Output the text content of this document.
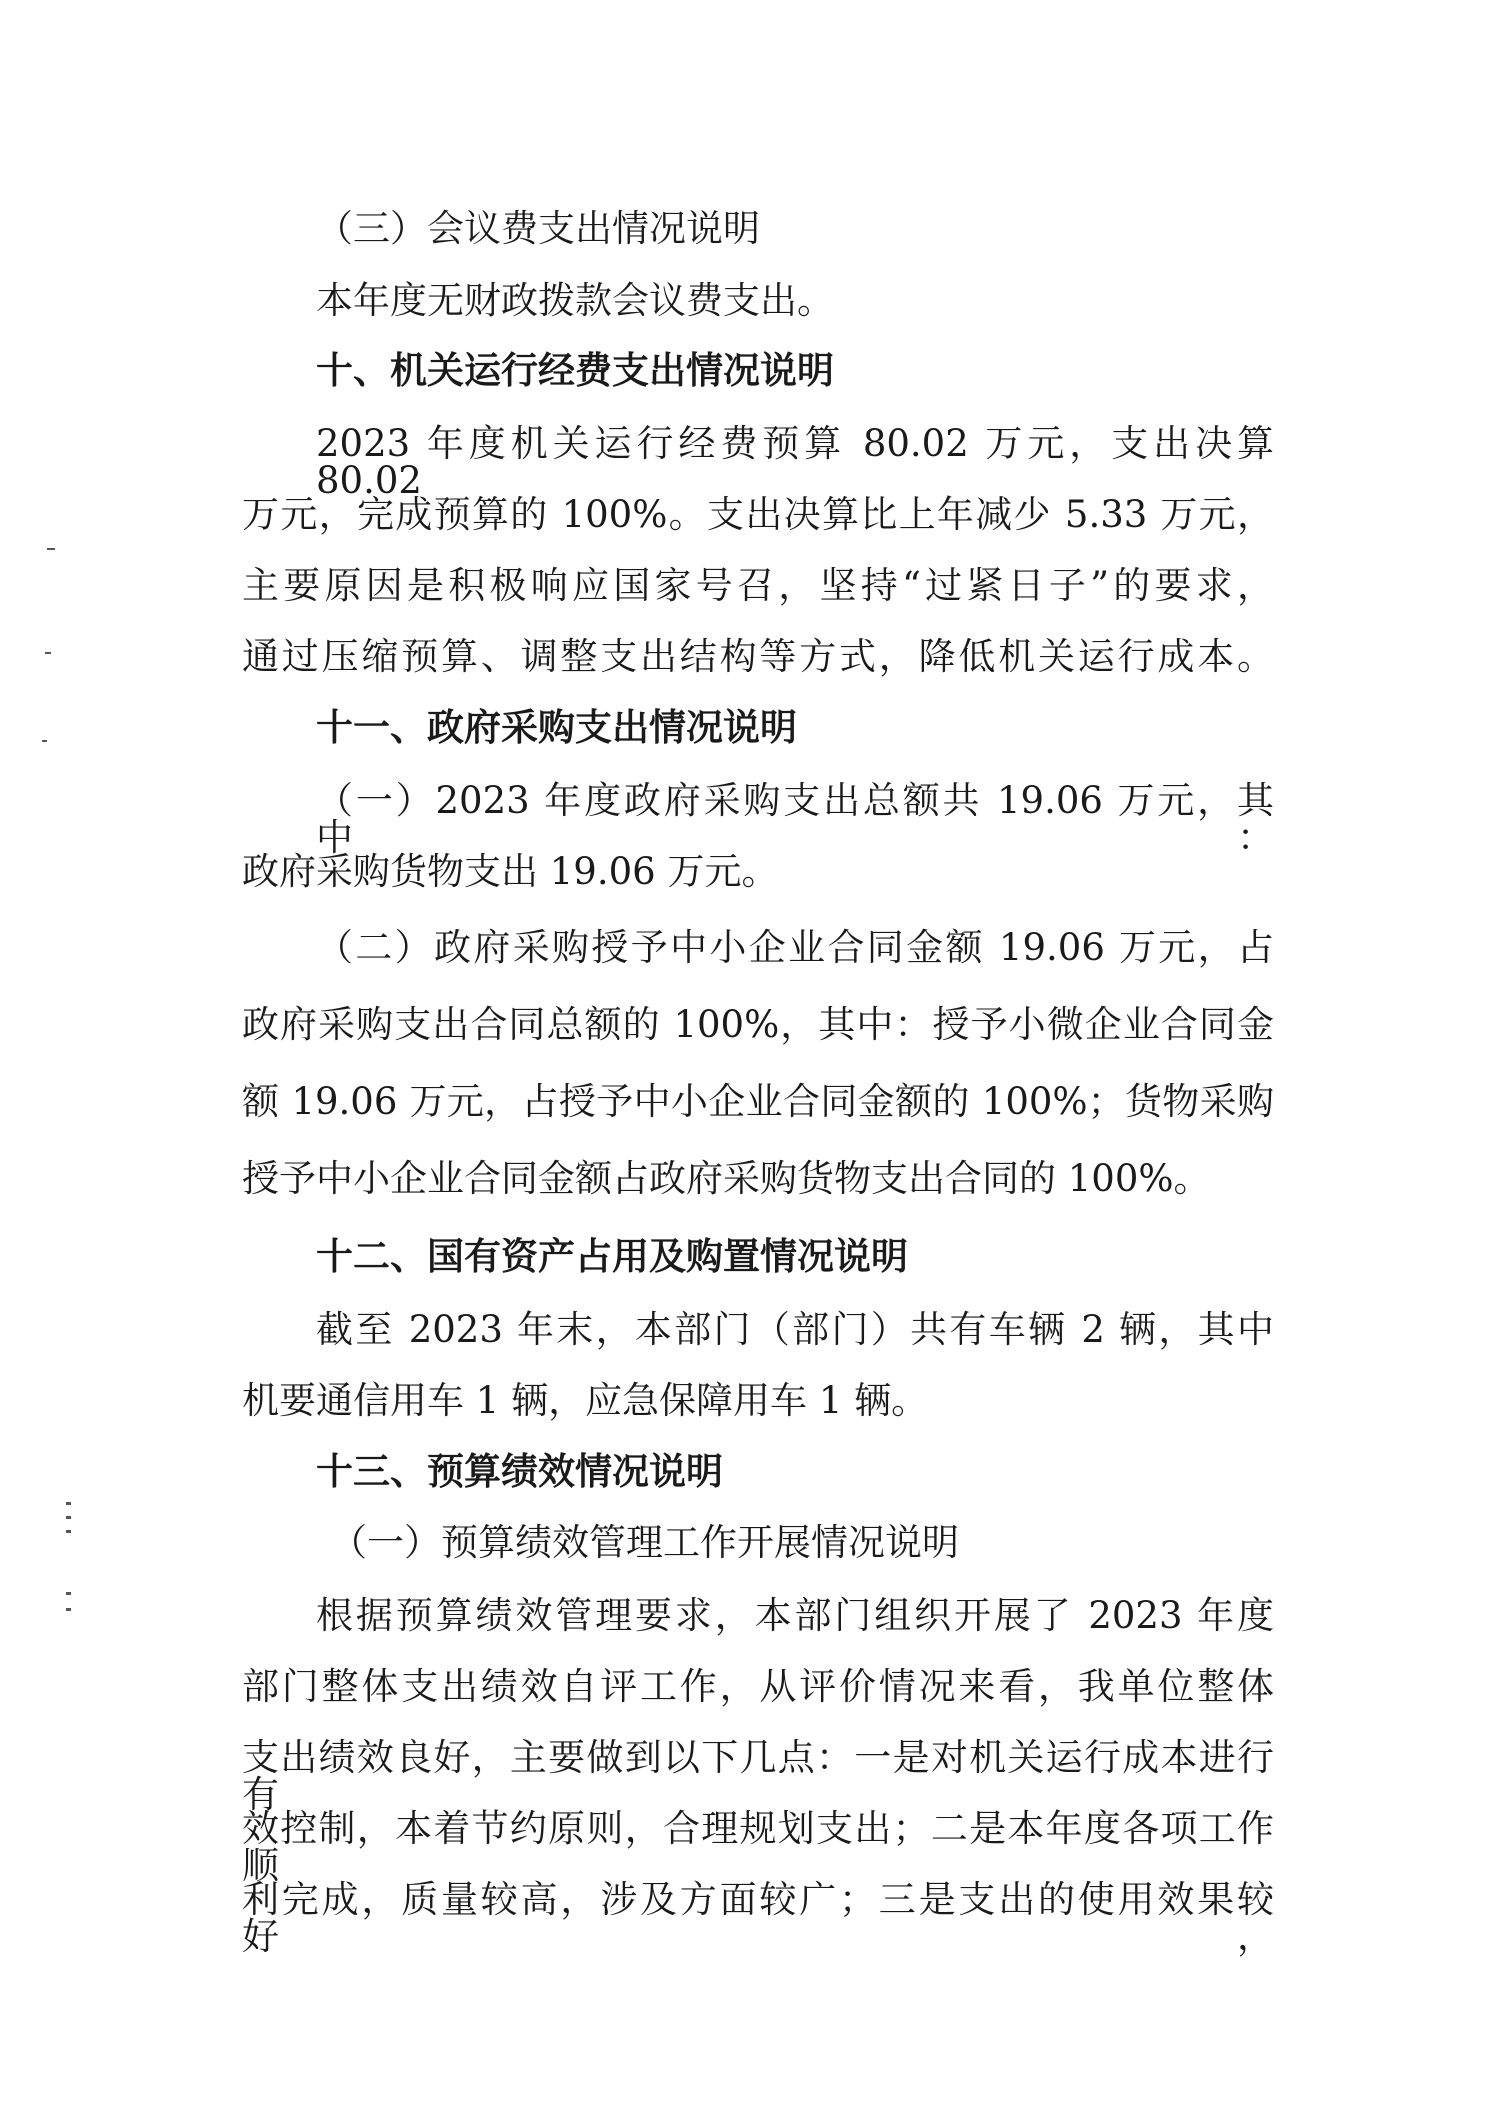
（三）会议费支出情况说明
本年度无财政拨款会议费支出。
十、机关运行经费支出情况说明
2023 年度机关运行经费预算 80.02 万元，支出决算 80.02
万元，完成预算的 100%。支出决算比上年减少 5.33 万元，
主要原因是积极响应国家号召，坚持“过紧日子”的要求，
通过压缩预算、调整支出结构等方式，降低机关运行成本。
十一、政府采购支出情况说明
（一）2023 年度政府采购支出总额共 19.06 万元，其中：
政府采购货物支出 19.06 万元。
（二）政府采购授予中小企业合同金额 19.06 万元，占
政府采购支出合同总额的 100%，其中：授予小微企业合同金
额 19.06 万元，占授予中小企业合同金额的 100%；货物采购
授予中小企业合同金额占政府采购货物支出合同的 100%。
十二、国有资产占用及购置情况说明
截至 2023 年末，本部门（部门）共有车辆 2 辆，其中
机要通信用车 1 辆，应急保障用车 1 辆。
十三、预算绩效情况说明
（一）预算绩效管理工作开展情况说明
根据预算绩效管理要求，本部门组织开展了 2023 年度
部门整体支出绩效自评工作，从评价情况来看，我单位整体
支出绩效良好，主要做到以下几点：一是对机关运行成本进行有
效控制，本着节约原则，合理规划支出；二是本年度各项工作顺
利完成，质量较高，涉及方面较广；三是支出的使用效果较好，
